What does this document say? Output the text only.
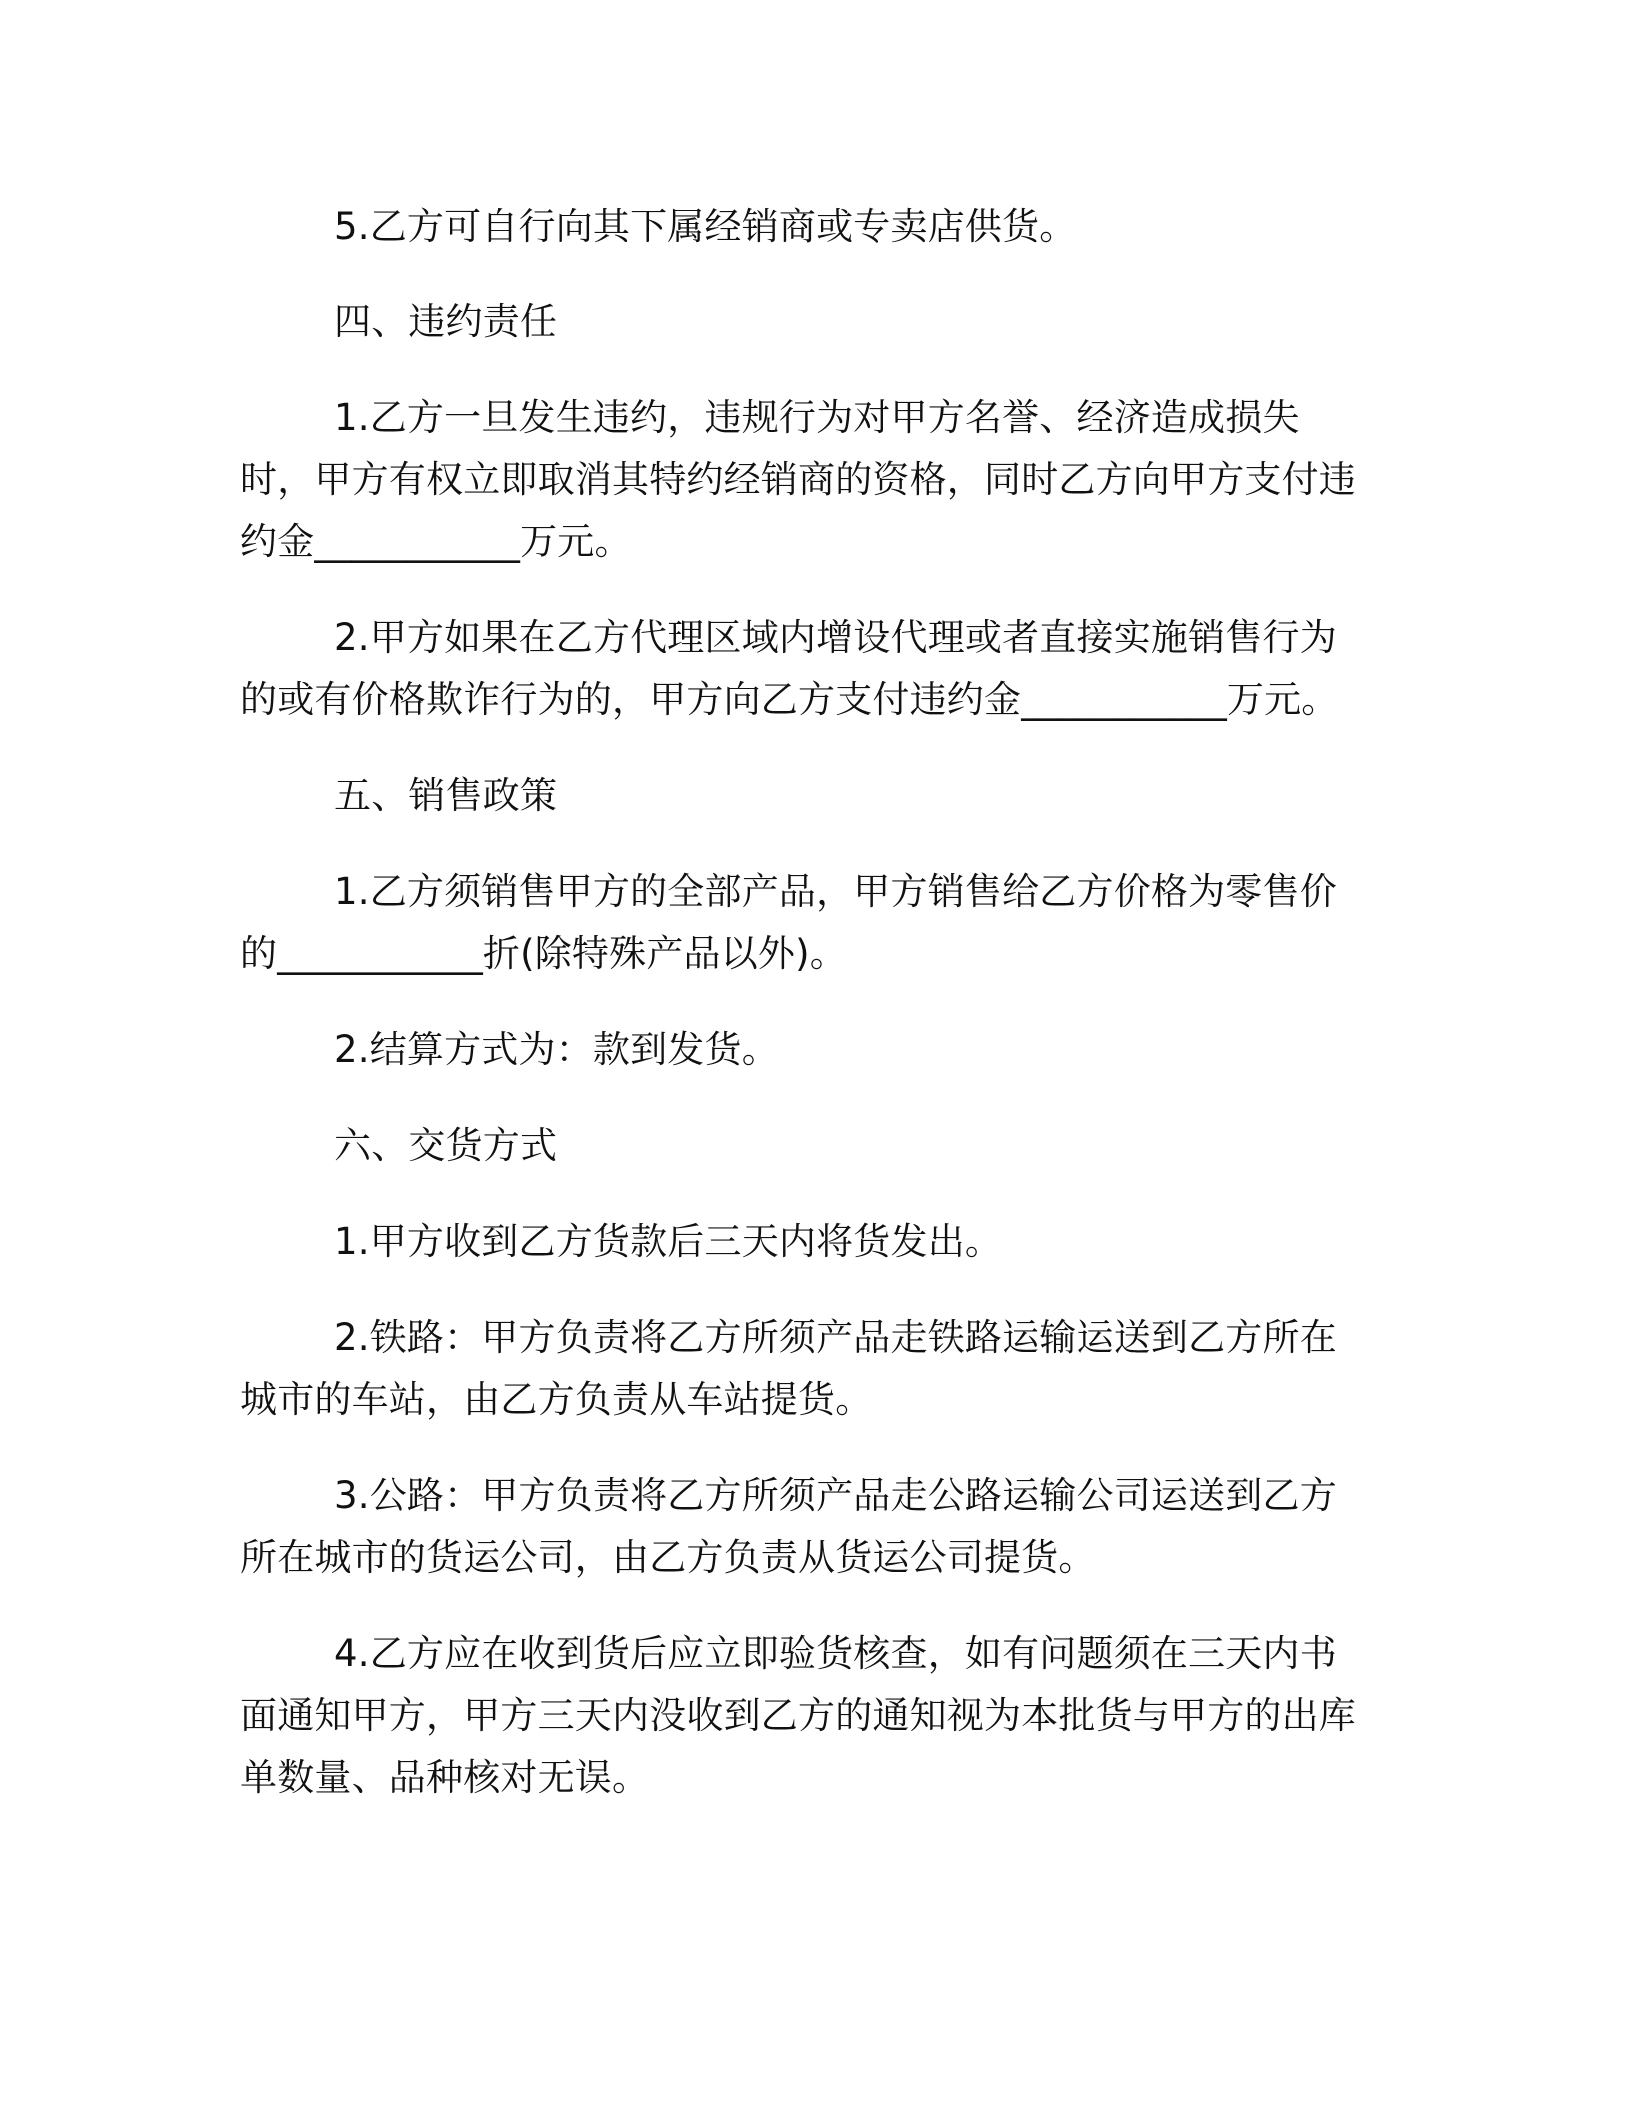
5.乙方可自行向其下属经销商或专卖店供货。

四、违约责任

1.乙方一旦发生违约，违规行为对甲方名誉、经济造成损失时，甲方有权立即取消其特约经销商的资格，同时乙方向甲方支付违约金___________万元。

2.甲方如果在乙方代理区域内增设代理或者直接实施销售行为的或有价格欺诈行为的，甲方向乙方支付违约金___________万元。

五、销售政策

1.乙方须销售甲方的全部产品，甲方销售给乙方价格为零售价的___________折(除特殊产品以外)。

2.结算方式为：款到发货。

六、交货方式

1.甲方收到乙方货款后三天内将货发出。

2.铁路：甲方负责将乙方所须产品走铁路运输运送到乙方所在城市的车站，由乙方负责从车站提货。

3.公路：甲方负责将乙方所须产品走公路运输公司运送到乙方所在城市的货运公司，由乙方负责从货运公司提货。

4.乙方应在收到货后应立即验货核查，如有问题须在三天内书面通知甲方，甲方三天内没收到乙方的通知视为本批货与甲方的出库单数量、品种核对无误。
